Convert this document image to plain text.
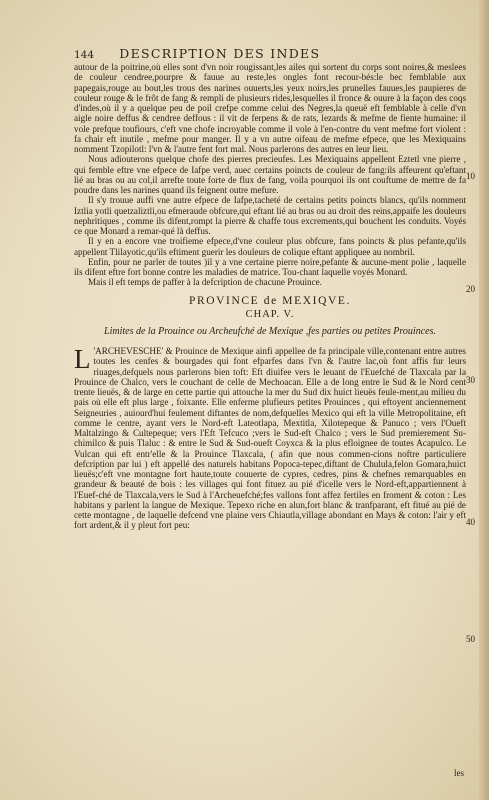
144 DESCRIPTION DES INDES
10
20
30
40
50

autour de la poitrine,où elles sont d'vn noir rougissant,les ailes qui sortent du corps sont noires,& meslees de couleur cendree,pourpre & fauue au reste,les ongles font recour-bés:le bec femblable aux papegais,rouge au bout,les trous des narines ouuerts,les yeux noirs,les prunelles fauues,les paupieres de couleur rouge & le frôt de fang & rempli de plusieurs rides,lesquelles il fronce & ouure à la façon des coqs d'indes,où il y a quelque peu de poil crefpe comme celui des Negres,la queuë eft femblable à celle d'vn aigle noire deffus & cendree deffous : il vit de ferpens & de rats, lezards & mefme de fiente humaine: il vole prefque toufiours, c'eft vne chofe incroyable comme il vole à l'en-contre du vent mefme fort violent : fa chair eft inutile , mefme pour manger. Il y a vn autre oifeau de mefme efpece, que les Mexiquains nomment Tzopilotl: l'vn & l'autre fent fort mal. Nous parlerons des autres en leur lieu.

Nous adiouterons quelque chofe des pierres precieufes. Les Mexiquains appellent Eztetl vne pierre , qui femble eftre vne efpece de Iafpe verd, auec certains poincts de couleur de fang:ils affeurent qu'eftant lié au bras ou au col,il arrefte toute forte de flux de fang, voila pourquoi ils ont couftume de mettre de fa poudre dans les narines quand ils feignent outre mefure.

Il s'y trouue auffi vne autre efpece de Iafpe,tacheté de certains petits poincts blancs, qu'ils nomment Iztlia yotli quetzaliztli,ou efmeraude obfcure,qui eftant lié au bras ou au droit des reins,appaife les douleurs nephritiques , comme ils difent,rompt la pierre & chaffe tous excrements,qui bouchent les conduits. Voyés ce que Monard a remar-qué là deffus.

Il y en a encore vne troifieme efpece,d'vne couleur plus obfcure, fans poincts & plus pefante,qu'ils appellent Tlilayotic,qu'ils eftiment guerir les douleurs de colique eftant appliquee au nombril.

Enfin, pour ne parler de toutes )il y a vne certaine pierre noire,pefante & aucune-ment polie , laquelle ils difent eftre fort bonne contre les maladies de matrice. Tou-chant laquelle voyés Monard.

Mais il eft temps de paffer à la defcription de chacune Prouince.

PROVINCE de MEXIQVE.
CHAP. V.
Limites de la Prouince ou Archeufché de Mexique ,fes parties ou petites Prouinces.

L 'ARCHEVESCHE' & Prouince de Mexique ainfi appellee de fa principale ville,contenant entre autres toutes les cenfes & bourgades qui font efparfes dans l'vn & l'autre lac,où font affis fur leurs riuages,defquels nous parlerons bien toft: Eft diuifee vers le leuant de l'Euefché de Tlaxcala par la Prouince de Chalco, vers le couchant de celle de Mechoacan. Elle a de long entre le Sud & le Nord cent trente lieuës, & de large en cette partie qui attouche la mer du Sud dix huict lieuës feule-ment,au milieu du pais où elle eft plus large , foixante. Elle enferme plufieurs petites Prouinces , qui eftoyent anciennement Seigneuries , auiourd'hui feulement diftantes de nom,defquelles Mexico qui eft la ville Metropolitaine, eft comme le centre, ayant vers le Nord-eft Lateotlapa, Mextitla, Xilotepeque & Panuco ; vers l'Oueft Maltalzingo & Cultepeque; vers l'Eft Tefcuco ;vers le Sud-eft Chalco ; vers le Sud premierement Su-chimilco & puis Tlaluc : & entre le Sud & Sud-oueft Coyxca & la plus efloignee de toutes Acapulco. Le Vulcan qui eft entr'elle & la Prouince Tlaxcala, ( afin que nous commen-cions noftre particuliere defcription par lui ) eft appellé des naturels habitans Popoca-tepec,diftant de Chulula,felon Gomara,huict lieuës;c'eft vne montagne fort haute,toute couuerte de cypres, cedres, pins & chefnes remarquables en grandeur & beauté de bois : les villages qui font fituez au pié d'icelle vers le Nord-eft,appartiennent à l'Euef-ché de Tlaxcala,vers le Sud à l'Archeuefché;fes vallons font affez fertiles en froment & coton : Les habitans y parlent la langue de Mexique. Tepexo riche en alun,fort blanc & tranfparant, eft fitué au pié de cette montagne , de laquelle defcend vne plaine vers Chiautla,village abondant en Mays & coton: l'air y eft fort ardent,& il y pleut fort peu:

les
